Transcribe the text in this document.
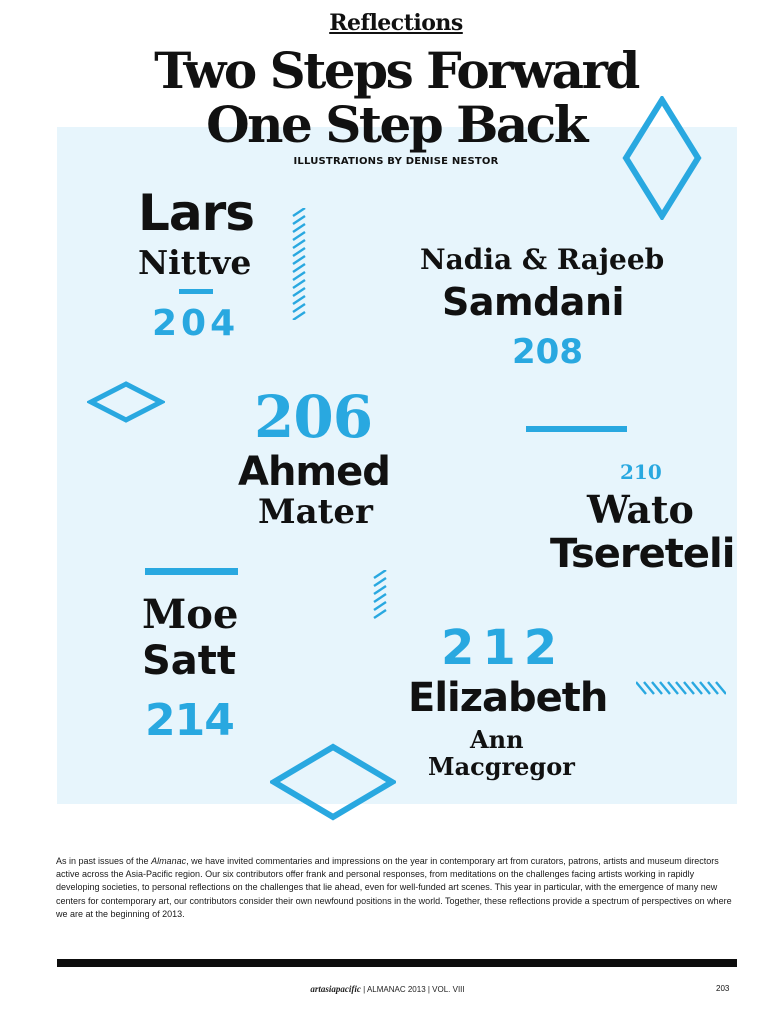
Reflections
Two Steps Forward
One Step Back
ILLUSTRATIONS BY DENISE NESTOR
Lars
Nittve
204
Nadia & Rajeeb
Samdani
208
206
Ahmed
Mater
210
Wato
Tsereteli
Moe
Satt
214
212
Elizabeth
Ann
Macgregor

As in past issues of the Almanac, we have invited commentaries and impressions on the year in contemporary art from curators, patrons, artists and museum directors active across the Asia-Pacific region. Our six contributors offer frank and personal responses, from meditations on the challenges facing artists working in rapidly developing societies, to personal reflections on the challenges that lie ahead, even for well-funded art scenes. This year in particular, with the emergence of many new centers for contemporary art, our contributors consider their own newfound positions in the world. Together, these reflections provide a spectrum of perspectives on where we are at the beginning of 2013.

artasiapacific | ALMANAC 2013 | VOL. VIII	203
